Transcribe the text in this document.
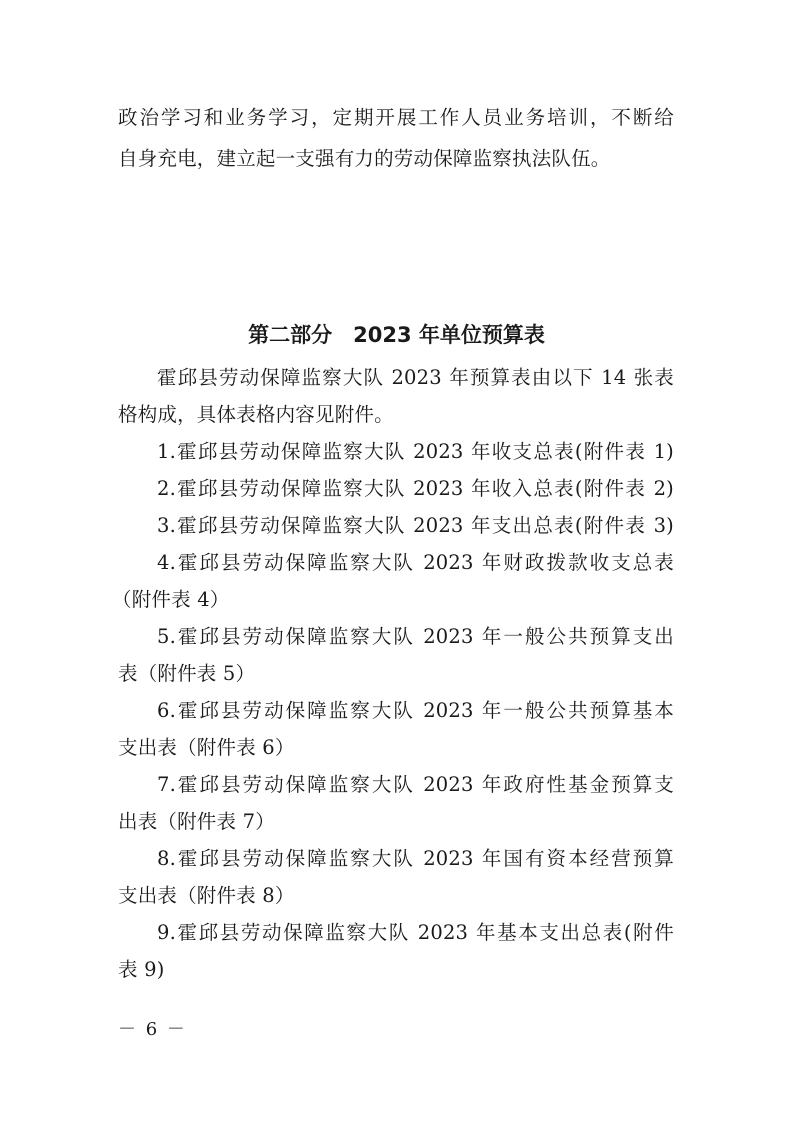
政治学习和业务学习，定期开展工作人员业务培训，不断给
自身充电，建立起一支强有力的劳动保障监察执法队伍。
第二部分　2023 年单位预算表
霍邱县劳动保障监察大队 2023 年预算表由以下 14 张表
格构成，具体表格内容见附件。
1.霍邱县劳动保障监察大队 2023 年收支总表(附件表 1)
2.霍邱县劳动保障监察大队 2023 年收入总表(附件表 2)
3.霍邱县劳动保障监察大队 2023 年支出总表(附件表 3)
4.霍邱县劳动保障监察大队 2023 年财政拨款收支总表
（附件表 4）
5.霍邱县劳动保障监察大队 2023 年一般公共预算支出
表（附件表 5）
6.霍邱县劳动保障监察大队 2023 年一般公共预算基本
支出表（附件表 6）
7.霍邱县劳动保障监察大队 2023 年政府性基金预算支
出表（附件表 7）
8.霍邱县劳动保障监察大队 2023 年国有资本经营预算
支出表（附件表 8）
9.霍邱县劳动保障监察大队 2023 年基本支出总表(附件
表 9)
－ 6 －
